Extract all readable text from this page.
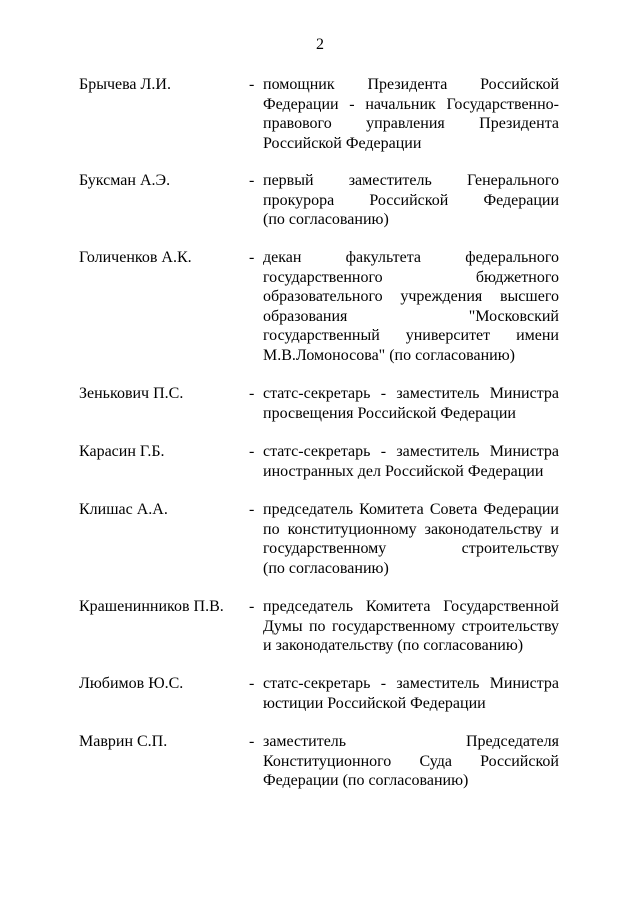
2
Брычева Л.И.	- помощник Президента Российской
Федерации - начальник Государственно-
правового управления Президента
Российской Федерации
Буксман А.Э.	- первый заместитель Генерального
прокурора Российской Федерации
(по согласованию)
Голиченков А.К.	- декан факультета федерального
государственного бюджетного
образовательного учреждения высшего
образования "Московский
государственный университет имени
М.В.Ломоносова" (по согласованию)
Зенькович П.С.	- статс-секретарь - заместитель Министра
просвещения Российской Федерации
Карасин Г.Б.	- статс-секретарь - заместитель Министра
иностранных дел Российской Федерации
Клишас А.А.	- председатель Комитета Совета Федерации
по конституционному законодательству и
государственному строительству
(по согласованию)
Крашенинников П.В. - председатель Комитета Государственной
Думы по государственному строительству
и законодательству (по согласованию)
Любимов Ю.С.	- статс-секретарь - заместитель Министра
юстиции Российской Федерации
Маврин С.П.	- заместитель Председателя
Конституционного Суда Российской
Федерации (по согласованию)
